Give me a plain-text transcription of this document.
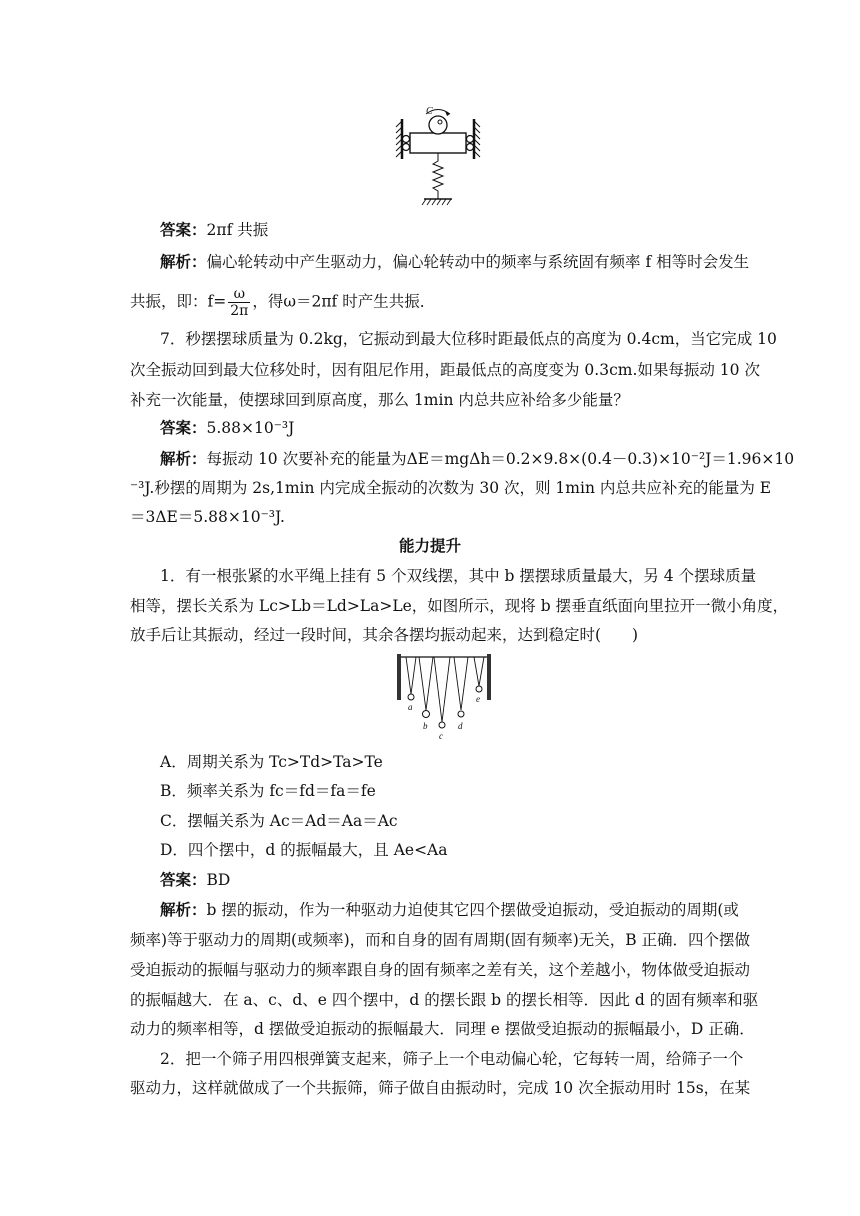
C
答案：2πf 共振
解析：偏心轮转动中产生驱动力，偏心轮转动中的频率与系统固有频率 f 相等时会发生
共振，即：$f= \frac{\omega}{2\pi}$ ，得ω＝2πf 时产生共振．
7．秒摆摆球质量为 0.2kg，它振动到最大位移时距最低点的高度为 0.4cm，当它完成 10
次全振动回到最大位移处时，因有阻尼作用，距最低点的高度变为 0.3cm.如果每振动 10 次
补充一次能量，使摆球回到原高度，那么 1min 内总共应补给多少能量？
答案：5.88×10⁻³J
解析：每振动 10 次要补充的能量为ΔE＝mgΔh＝0.2×9.8×(0.4－0.3)×10⁻²J＝1.96×10
⁻³J.秒摆的周期为 2s,1min 内完成全振动的次数为 30 次，则 1min 内总共应补充的能量为 E
＝3ΔE＝5.88×10⁻³J.
能力提升
1．有一根张紧的水平绳上挂有 5 个双线摆，其中 b 摆摆球质量最大，另 4 个摆球质量
相等，摆长关系为 Lc>Lb＝Ld>La>Le，如图所示，现将 b 摆垂直纸面向里拉开一微小角度，
放手后让其振动，经过一段时间，其余各摆均振动起来，达到稳定时(　　)
a
b
c
d
e
A．周期关系为 Tc>Td>Ta>Te
B．频率关系为 fc＝fd＝fa＝fe
C．摆幅关系为 Ac＝Ad＝Aa＝Ac
D．四个摆中，d 的振幅最大，且 Ae<Aa
答案：BD
解析：b 摆的振动，作为一种驱动力迫使其它四个摆做受迫振动，受迫振动的周期(或
频率)等于驱动力的周期(或频率)，而和自身的固有周期(固有频率)无关，B 正确．四个摆做
受迫振动的振幅与驱动力的频率跟自身的固有频率之差有关，这个差越小，物体做受迫振动
的振幅越大．在 a、c、d、e 四个摆中，d 的摆长跟 b 的摆长相等．因此 d 的固有频率和驱
动力的频率相等，d 摆做受迫振动的振幅最大．同理 e 摆做受迫振动的振幅最小，D 正确．
2．把一个筛子用四根弹簧支起来，筛子上一个电动偏心轮，它每转一周，给筛子一个
驱动力，这样就做成了一个共振筛，筛子做自由振动时，完成 10 次全振动用时 15s，在某
